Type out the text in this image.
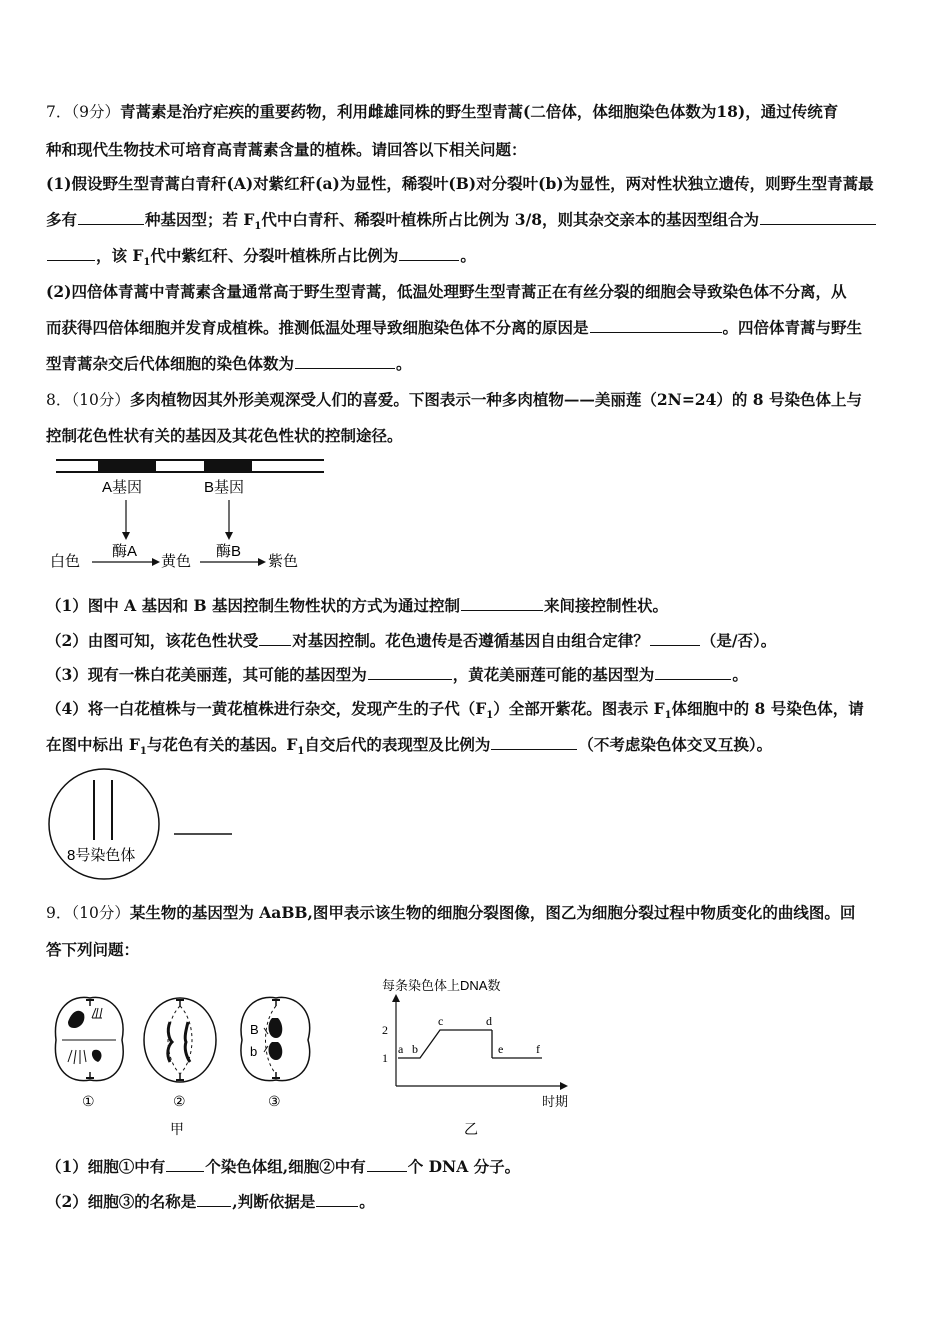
7．（9分）青蒿素是治疗疟疾的重要药物，利用雌雄同株的野生型青蒿(二倍体，体细胞染色体数为18)，通过传统育
种和现代生物技术可培育高青蒿素含量的植株。请回答以下相关问题：
(1)假设野生型青蒿白青秆(A)对紫红秆(a)为显性，稀裂叶(B)对分裂叶(b)为显性，两对性状独立遗传，则野生型青蒿最
多有	种基因型；若 $F_1$代中白青秆、稀裂叶植株所占比例为 3/8，则其杂交亲本的基因型组合为
，该 $F_1$代中紫红秆、分裂叶植株所占比例为	。
(2)四倍体青蒿中青蒿素含量通常高于野生型青蒿，低温处理野生型青蒿正在有丝分裂的细胞会导致染色体不分离，从
而获得四倍体细胞并发育成植株。推测低温处理导致细胞染色体不分离的原因是	。四倍体青蒿与野生
型青蒿杂交后代体细胞的染色体数为	。
8．（10分）多肉植物因其外形美观深受人们的喜爱。下图表示一种多肉植物——美丽莲（2N=24）的 8 号染色体上与
控制花色性状有关的基因及其花色性状的控制途径。
A基因	B基因
酶A	酶B
白色	黄色	紫色
（1）图中 A 基因和 B 基因控制生物性状的方式为通过控制	来间接控制性状。
（2）由图可知，该花色性状受 对基因控制。花色遗传是否遵循基因自由组合定律？	（是/否）。
（3）现有一株白花美丽莲，其可能的基因型为	，黄花美丽莲可能的基因型为	。
（4）将一白花植株与一黄花植株进行杂交，发现产生的子代$(F_1)$全部开紫花。图表示 $F_1$体细胞中的 8 号染色体，请
在图中标出 $F_1$与花色有关的基因。$F_1$自交后代的表现型及比例为	（不考虑染色体交叉互换）。
8号染色体
9．（10分）某生物的基因型为 AaBB,图甲表示该生物的细胞分裂图像，图乙为细胞分裂过程中物质变化的曲线图。回
答下列问题：
①	②
B
b
③
甲
每条染色体上DNA数
时期
1
2
a b
c	d
e	f
乙
（1）细胞①中有	个染色体组,细胞②中有	个 DNA 分子。
（2）细胞③的名称是 ,判断依据是	。
